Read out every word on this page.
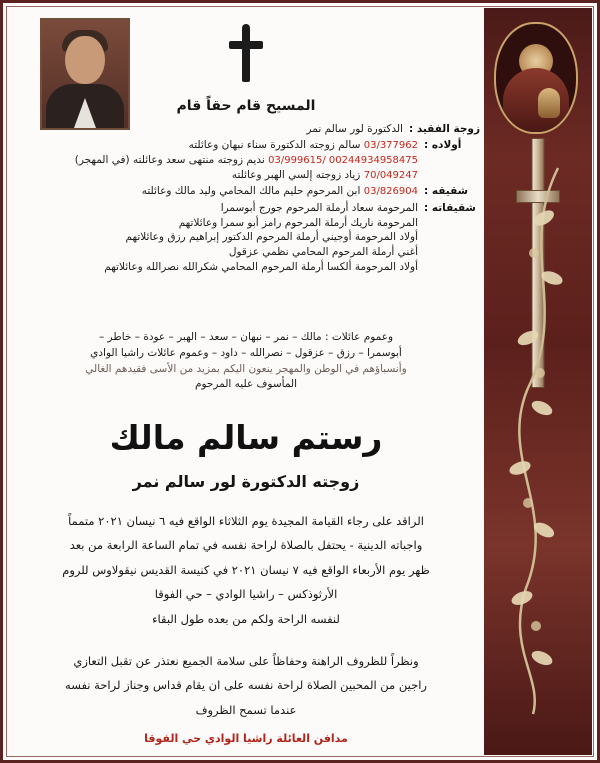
المسيح قام حقاً قام
زوجة الفقيد :
الدكتورة لور سالم نمر
أولاده :
03/377962 سالم زوجته الدكتورة سناء نبهان وعائلته
03/999615/ 00244934958475 نديم زوجته منتهى سعد وعائلته (في المهجر)
70/049247 زياد زوجته إلسي الهبر وعائلته
شقيقه :
03/826904 ابن المرحوم حليم مالك المحامي وليد مالك وعائلته
شقيقاته :
المرحومة سعاد أرملة المرحوم جورج أبوسمرا
المرحومة ناريك أرملة المرحوم رامز أبو سمرا وعائلاتهم
أولاد المرحومة أوجيني أرملة المرحوم الدكتور إبراهيم رزق وعائلاتهم
أغني أرملة المرحوم المحامي نظمي عزقول
أولاد المرحومة ألكسا أرملة المرحوم المحامي شكرالله نصرالله وعائلاتهم
وعموم عائلات : مالك – نمر – نبهان – سعد – الهبر – عودة – خاطر –
أبوسمرا – رزق – عزقول – نصرالله – داود – وعموم عائلات راشيا الوادي
وأنسباؤهم في الوطن والمهجر ينعون اليكم بمزيد من الأسى فقيدهم الغالي
المأسوف عليه المرحوم
رستم سالم مالك
زوجته الدكتورة لور سالم نمر

الراقد على رجاء القيامة المجيدة يوم الثلاثاء الواقع فيه ٦ نيسان ٢٠٢١ متمماً

واجباته الدينية - يحتفل بالصلاة لراحة نفسه في تمام الساعة الرابعة من بعد

ظهر يوم الأربعاء الواقع فيه ٧ نيسان ٢٠٢١ في كنيسة القديس نيقولاوس للروم

الأرثوذكس – راشيا الوادي – حي الفوقا

لنفسه الراحة ولكم من بعده طول البقاء

ونظراً للظروف الراهنة وحفاظاً على سلامة الجميع نعتذر عن تقبل التعازي

راجين من المحبين الصلاة لراحة نفسه على ان يقام قداس وجناز لراحة نفسه

عندما تسمح الظروف

مدافن العائلة راشيا الوادي حي الفوقا
